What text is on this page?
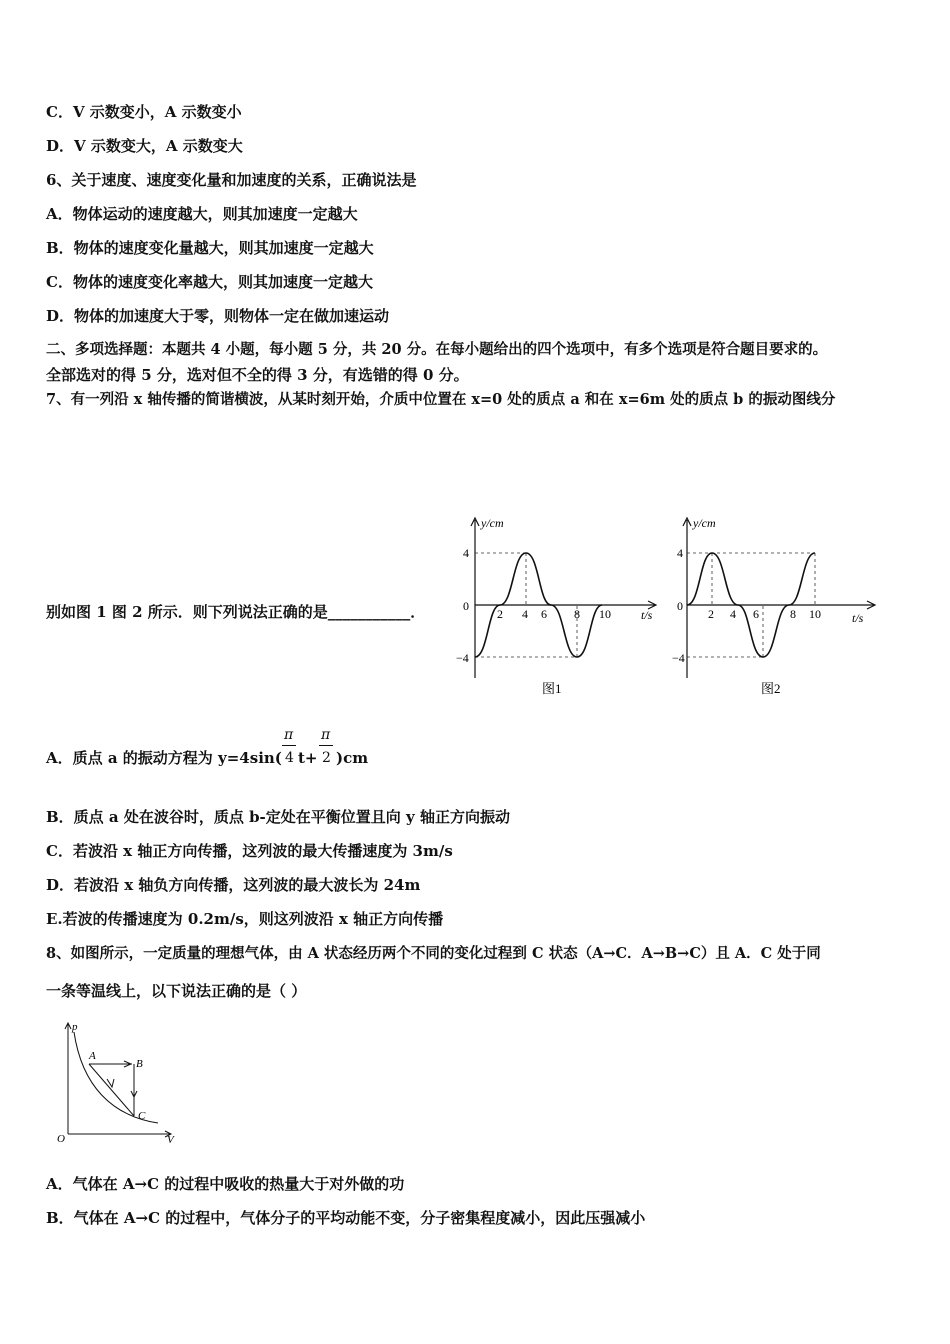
C．V 示数变小，A 示数变小
D．V 示数变大，A 示数变大
6、关于速度、速度变化量和加速度的关系，正确说法是
A．物体运动的速度越大，则其加速度一定越大
B．物体的速度变化量越大，则其加速度一定越大
C．物体的速度变化率越大，则其加速度一定越大
D．物体的加速度大于零，则物体一定在做加速运动
二、多项选择题：本题共 4 小题，每小题 5 分，共 20 分。在每小题给出的四个选项中，有多个选项是符合题目要求的。
全部选对的得 5 分，选对但不全的得 3 分，有选错的得 0 分。
7、有一列沿 x 轴传播的简谐横波，从某时刻开始，介质中位置在 x=0 处的质点 a 和在 x=6m 处的质点 b 的振动图线分
别如图 1 图 2 所示．则下列说法正确的是___________．
y/cm
4
0
−4
2 4 6 8 10	t/s
图1
y/cm
4
0
−4
2 4 6	8 10	t/s
图2
A．质点 a 的振动方程为 y=4sin(
π
4 t+
π
2 )cm
B．质点 a 处在波谷时，质点 b-定处在平衡位置且向 y 轴正方向振动
C．若波沿 x 轴正方向传播，这列波的最大传播速度为 3m/s
D．若波沿 x 轴负方向传播，这列波的最大波长为 24m
E.若波的传播速度为 0.2m/s，则这列波沿 x 轴正方向传播
8、如图所示，一定质量的理想气体，由 A 状态经历两个不同的变化过程到 C 状态（A→C．A→B→C）且 A．C 处于同
一条等温线上，以下说法正确的是（ ）
p
V
O
A
B
C
A．气体在 A→C 的过程中吸收的热量大于对外做的功
B．气体在 A→C 的过程中，气体分子的平均动能不变，分子密集程度减小，因此压强减小
